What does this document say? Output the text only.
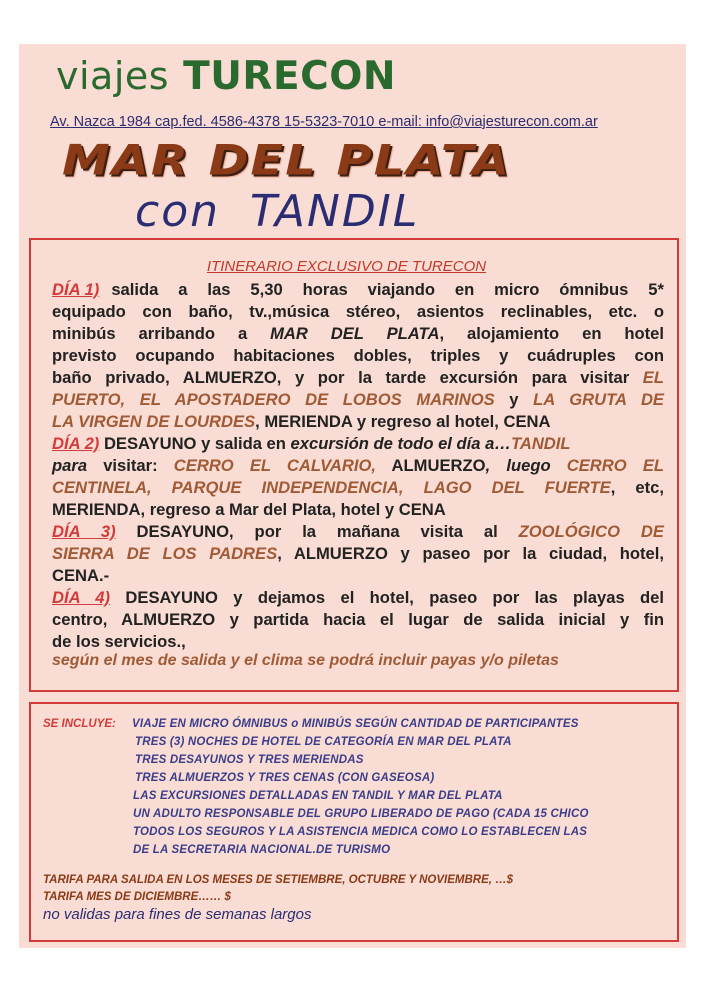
viajes TURECON
Av. Nazca 1984 cap.fed. 4586-4378 15-5323-7010 e-mail: info@viajesturecon.com.ar
MAR DEL PLATA
con TANDIL
ITINERARIO EXCLUSIVO DE TURECON
DÍA 1) salida a las 5,30 horas viajando en micro ómnibus 5*
equipado con baño, tv.,música stéreo, asientos reclinables, etc. o
minibús arribando a MAR DEL PLATA, alojamiento en hotel
previsto ocupando habitaciones dobles, triples y cuádruples con
baño privado, ALMUERZO, y por la tarde excursión para visitar EL
PUERTO, EL APOSTADERO DE LOBOS MARINOS y LA GRUTA DE
LA VIRGEN DE LOURDES, MERIENDA y regreso al hotel, CENA
DÍA 2) DESAYUNO y salida en excursión de todo el día a…TANDIL
para visitar: CERRO EL CALVARIO, ALMUERZO, luego CERRO EL
CENTINELA, PARQUE INDEPENDENCIA, LAGO DEL FUERTE, etc,
MERIENDA, regreso a Mar del Plata, hotel y CENA
DÍA 3) DESAYUNO, por la mañana visita al ZOOLÓGICO DE
SIERRA DE LOS PADRES, ALMUERZO y paseo por la ciudad, hotel,
CENA.-
DÍA 4) DESAYUNO y dejamos el hotel, paseo por las playas del
centro, ALMUERZO y partida hacia el lugar de salida inicial y fin
de los servicios.,
según el mes de salida y el clima se podrá incluir payas y/o piletas
SE INCLUYE: VIAJE EN MICRO ÓMNIBUS o MINIBÚS SEGÚN CANTIDAD DE PARTICIPANTES
TRES (3) NOCHES DE HOTEL DE CATEGORÍA EN MAR DEL PLATA
TRES DESAYUNOS Y TRES MERIENDAS
TRES ALMUERZOS Y TRES CENAS (CON GASEOSA)
LAS EXCURSIONES DETALLADAS EN TANDIL Y MAR DEL PLATA
UN ADULTO RESPONSABLE DEL GRUPO LIBERADO DE PAGO (CADA 15 CHICO
TODOS LOS SEGUROS Y LA ASISTENCIA MEDICA COMO LO ESTABLECEN LAS
DE LA SECRETARIA NACIONAL.DE TURISMO
TARIFA PARA SALIDA EN LOS MESES DE SETIEMBRE, OCTUBRE Y NOVIEMBRE, …$
TARIFA MES DE DICIEMBRE…… $
no validas para fines de semanas largos
